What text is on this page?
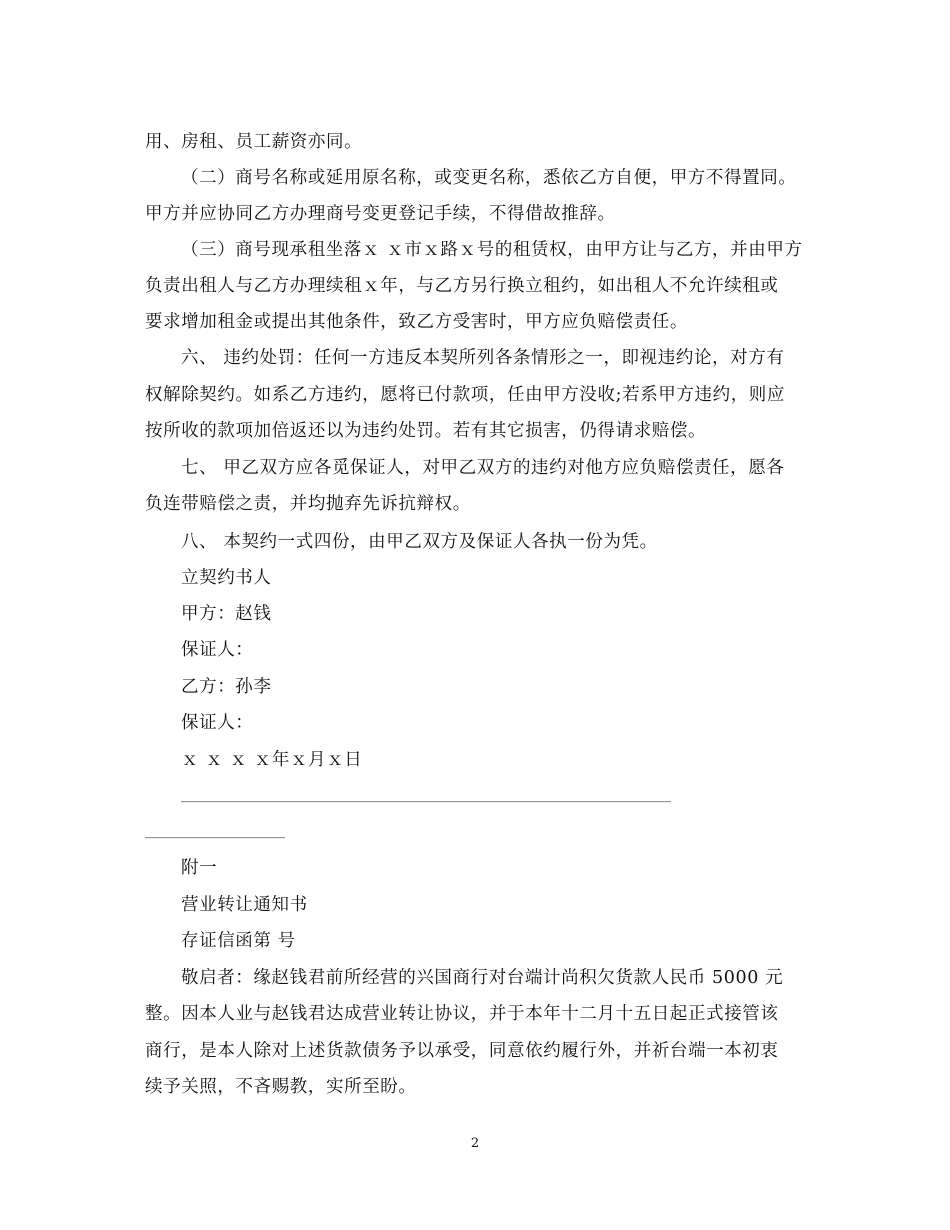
用、房租、员工薪资亦同。
（二）商号名称或延用原名称，或变更名称，悉依乙方自便，甲方不得置同。
甲方并应协同乙方办理商号变更登记手续，不得借故推辞。
（三）商号现承租坐落ｘ ｘ市ｘ路ｘ号的租赁权，由甲方让与乙方，并由甲方
负责出租人与乙方办理续租ｘ年，与乙方另行换立租约，如出租人不允许续租或
要求增加租金或提出其他条件，致乙方受害时，甲方应负赔偿责任。
六、 违约处罚：任何一方违反本契所列各条情形之一，即视违约论，对方有
权解除契约。如系乙方违约，愿将已付款项，任由甲方没收;若系甲方违约，则应
按所收的款项加倍返还以为违约处罚。若有其它损害，仍得请求赔偿。
七、 甲乙双方应各觅保证人，对甲乙双方的违约对他方应负赔偿责任，愿各
负连带赔偿之责，并均抛弃先诉抗辩权。
八、 本契约一式四份，由甲乙双方及保证人各执一份为凭。
立契约书人
甲方：赵钱
保证人：
乙方：孙李
保证人：
ｘ ｘ ｘ ｘ年ｘ月ｘ日
______________________________________________________________________
____________________
附一
营业转让通知书
存证信函第 号
敬启者：缘赵钱君前所经营的兴国商行对台端计尚积欠货款人民币 5000 元
整。因本人业与赵钱君达成营业转让协议，并于本年十二月十五日起正式接管该
商行，是本人除对上述货款债务予以承受，同意依约履行外，并祈台端一本初衷
续予关照，不吝赐教，实所至盼。
2
